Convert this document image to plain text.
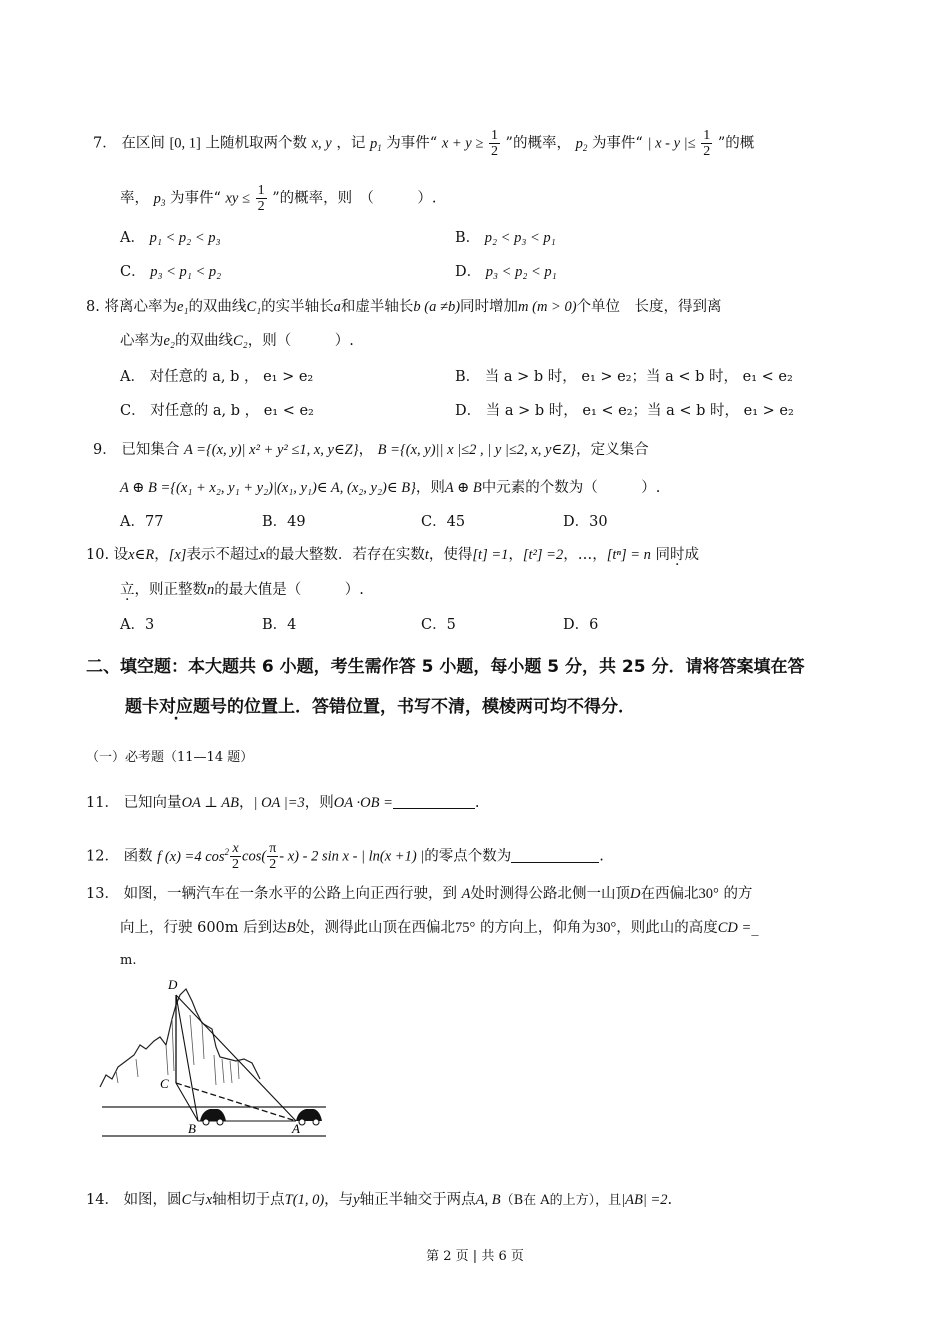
7． 在区间 [0, 1] 上随机取两个数 x, y ，记 $p_1$ 为事件“ $x + y \ge \frac{1}{2}$ ”的概率， $p_2$ 为事件“ | x - y |≤ $\frac{1}{2}$ ”的概
率， $p_3$ 为事件“ xy ≤ $\frac{1}{2}$ ”的概率，则　（　　　）.
A． p₁ < p₂ < p₃	B． p₂ < p₃ < p₁
C． p₃ < p₁ < p₂	D． p₃ < p₂ < p₁
8. 将离心率为e₁的双曲线C₁的实半轴长a和虚半轴长b (a ≠b)同时增加m (m > 0)个单位　长度，得到离
心率为e₂的双曲线C₂，则（　　　）.
A． 对任意的 a, b ， e₁ > e₂	B． 当 a > b 时， e₁ > e₂；当 a < b 时， e₁ < e₂
C． 对任意的 a, b ， e₁ < e₂	D． 当 a > b 时， e₁ < e₂；当 a < b 时， e₁ > e₂
9． 已知集合 A ={(x, y)| x² + y² ≤1, x, y∈Z}， B ={(x, y)|| x |≤2 , | y |≤2, x, y∈Z}，定义集合
A ⊕ B ={(x₁ + x₂, y₁ + y₂)|(x₁, y₁)∈ A, (x₂, y₂)∈ B}，则A ⊕ B中元素的个数为（　　　）.
A．77	B．49	C．45	D．30
10. 设x∈R，[x]表示不超过x的最大整数．若存在实数t，使得[t] =1，[t²] =2，…，[tⁿ] = n 同时成
立，则正整数n的最大值是（　　　）.
A．3	B．4	C．5	D．6
二、填空题：本大题共 6 小题，考生需作答 5 小题，每小题 5 分，共 25 分．请将答案填在答
题卡对应题号 ·的位置上．答错位置，书写不清，模棱两可均不得分．
（一）必考题（11—14 题）
11． 已知向量OA ⊥ AB，| OA |=3，则OA ·OB =	.
12． 函数 f (x) =4 $\cos^2 \frac{x}{2} \cos( \frac{\pi}{2} - x) - 2$ sin x - | ln(x +1) |的零点个数为	.
13． 如图，一辆汽车在一条水平的公路上向正西行驶，到 A处时测得公路北侧一山顶D在西偏北30° 的方
向上，行驶 600m 后到达B处，测得此山顶在西偏北75° 的方向上，仰角为30°，则此山的高度CD =_
m.
D
C
B	A
14． 如图，圆C与x轴相切于点T(1, 0)，与y轴正半轴交于两点A, B（B在 A的上方），且|AB| =2.
第 2 页 | 共 6 页
